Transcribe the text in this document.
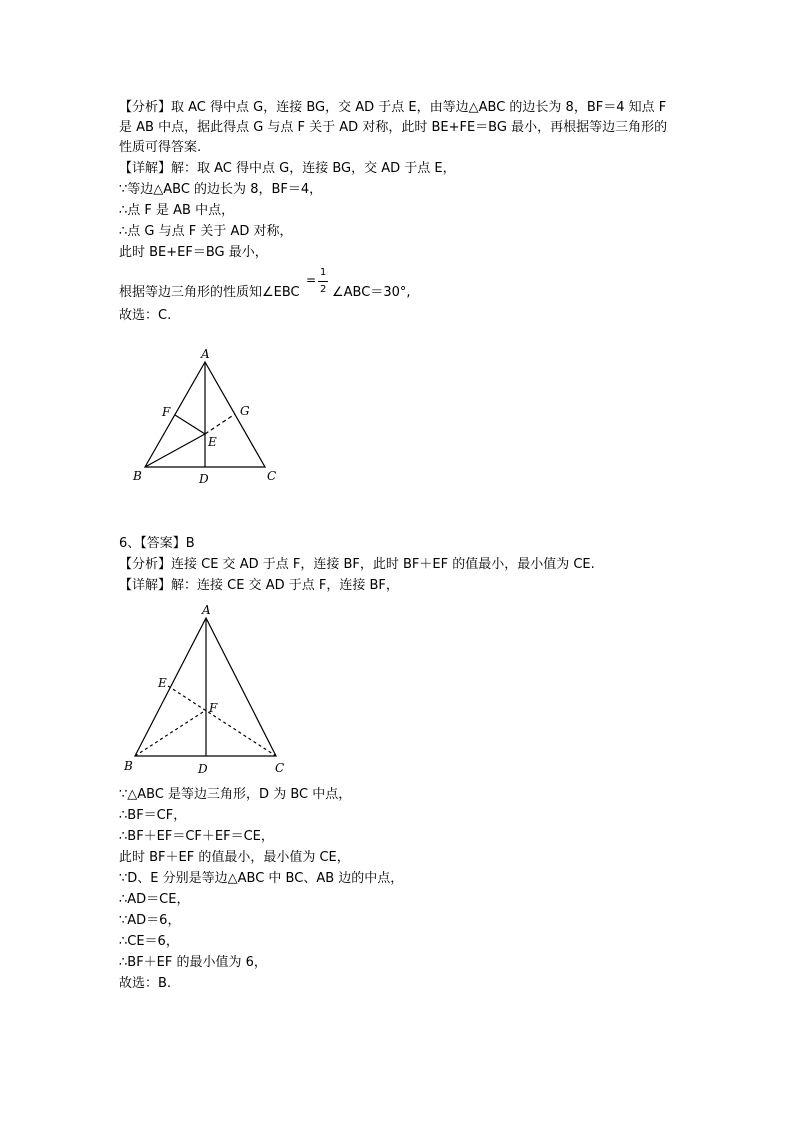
【分析】取 AC 得中点 G，连接 BG，交 AD 于点 E，由等边△ABC 的边长为 8，BF＝4 知点 F
是 AB 中点，据此得点 G 与点 F 关于 AD 对称，此时 BE+FE＝BG 最小，再根据等边三角形的
性质可得答案.
【详解】解：取 AC 得中点 G，连接 BG，交 AD 于点 E，
∵等边△ABC 的边长为 8，BF＝4，
∴点 F 是 AB 中点，
∴点 G 与点 F 关于 AD 对称，
此时 BE+EF＝BG 最小，
根据等边三角形的性质知∠EBC
=
1
2 ∠ABC＝30°,
故选：C.
A
B	C
D
E
F	G
6、【答案】B
【分析】连接 CE 交 AD 于点 F，连接 BF，此时 BF＋EF 的值最小，最小值为 CE.
【详解】解：连接 CE 交 AD 于点 F，连接 BF，
A
B	C
D
E
F
∵△ABC 是等边三角形，D 为 BC 中点，
∴BF＝CF，
∴BF＋EF＝CF＋EF＝CE，
此时 BF＋EF 的值最小，最小值为 CE，
∵D、E 分别是等边△ABC 中 BC、AB 边的中点，
∴AD＝CE，
∵AD＝6，
∴CE＝6，
∴BF＋EF 的最小值为 6，
故选：B.
